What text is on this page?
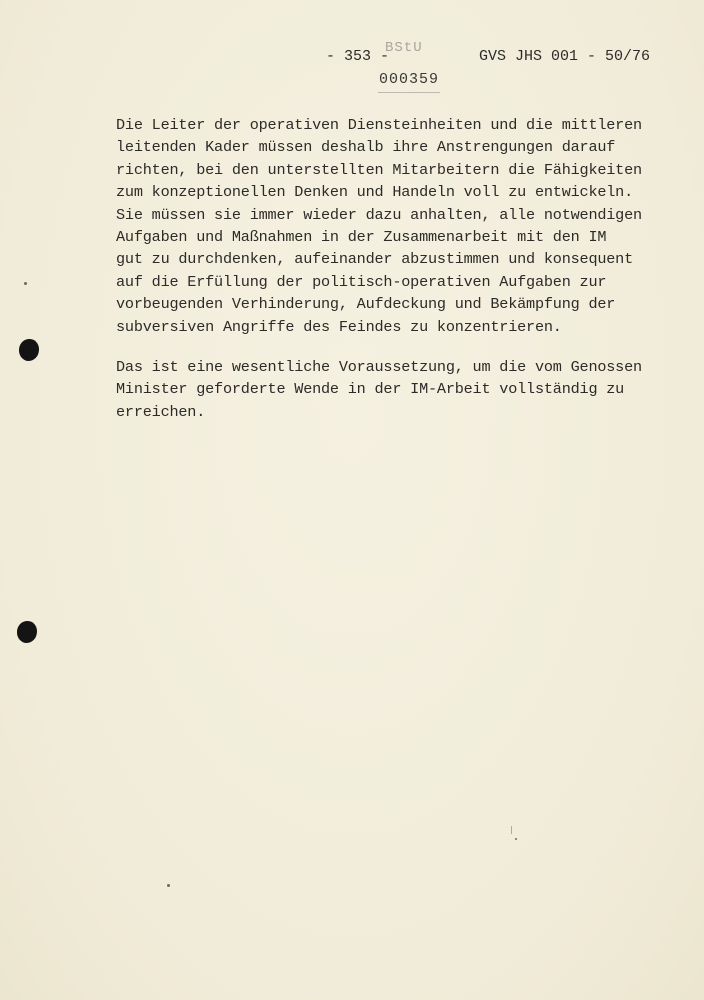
BStU
- 353 -
000359
GVS JHS 001 - 50/76
Die Leiter der operativen Diensteinheiten und die mittleren
leitenden Kader müssen deshalb ihre Anstrengungen darauf
richten, bei den unterstellten Mitarbeitern die Fähigkeiten
zum konzeptionellen Denken und Handeln voll zu entwickeln.
Sie müssen sie immer wieder dazu anhalten, alle notwendigen
Aufgaben und Maßnahmen in der Zusammenarbeit mit den IM
gut zu durchdenken, aufeinander abzustimmen und konsequent
auf die Erfüllung der politisch-operativen Aufgaben zur
vorbeugenden Verhinderung, Aufdeckung und Bekämpfung der
subversiven Angriffe des Feindes zu konzentrieren.
Das ist eine wesentliche Voraussetzung, um die vom Genossen
Minister geforderte Wende in der IM-Arbeit vollständig zu
erreichen.
